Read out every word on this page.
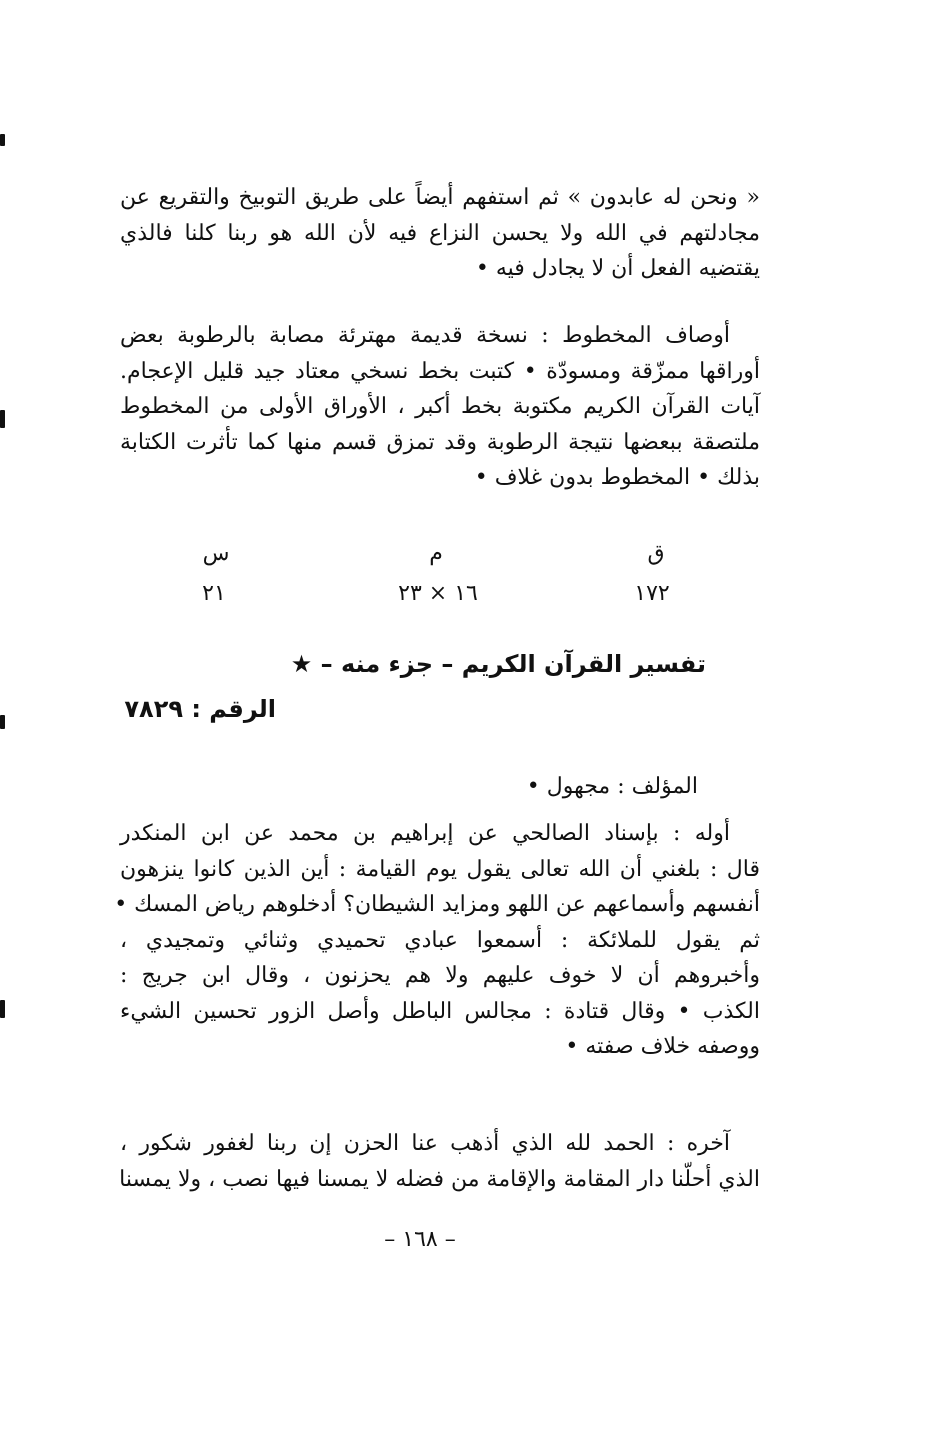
« ونحن له عابدون » ثم استفهم أيضاً على طريق التوبيخ والتقريع عن
مجادلتهم في الله ولا يحسن النزاع فيه لأن الله هو ربنا كلنا فالذي
يقتضيه الفعل أن لا يجادل فيه •
أوصاف المخطوط : نسخة قديمة مهترئة مصابة بالرطوبة بعض
أوراقها ممزّقة ومسودّة • كتبت بخط نسخي معتاد جيد قليل الإعجام.
آيات القرآن الكريم مكتوبة بخط أكبر ، الأوراق الأولى من المخطوط
ملتصقة ببعضها نتيجة الرطوبة وقد تمزق قسم منها كما تأثرت الكتابة
بذلك • المخطوط بدون غلاف •
ق
م
س
١٧٢
١٦ × ٢٣
٢١
تفسير القرآن الكريم – جزء منه – ★
الرقم : ٧٨٢٩
المؤلف : مجهول •
أوله : بإسناد الصالحي عن إبراهيم بن محمد عن ابن المنكدر
قال : بلغني أن الله تعالى يقول يوم القيامة : أين الذين كانوا ينزهون
أنفسهم وأسماعهم عن اللهو ومزايد الشيطان؟ أدخلوهم رياض المسك •
ثم يقول للملائكة : أسمعوا عبادي تحميدي وثنائي وتمجيدي ،
وأخبروهم أن لا خوف عليهم ولا هم يحزنون ، وقال ابن جريج :
الكذب • وقال قتادة : مجالس الباطل وأصل الزور تحسين الشيء
ووصفه خلاف صفته •
آخره : الحمد لله الذي أذهب عنا الحزن إن ربنا لغفور شكور ،
الذي أحلّنا دار المقامة والإقامة من فضله لا يمسنا فيها نصب ، ولا يمسنا
– ١٦٨ –
